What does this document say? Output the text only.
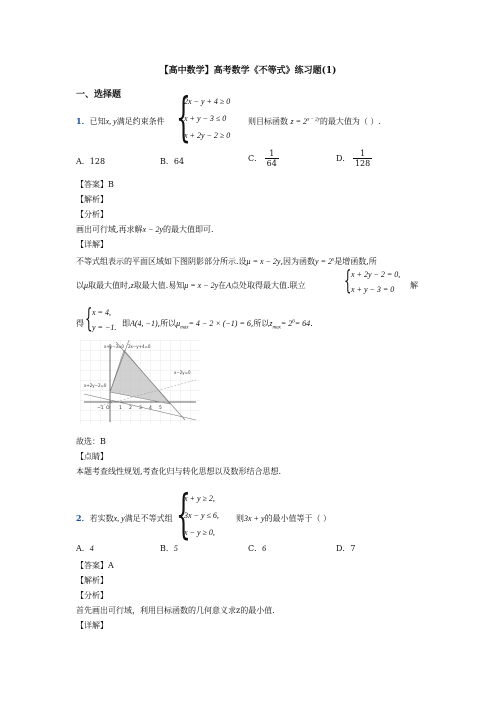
【高中数学】高考数学《不等式》练习题(1)
一、选择题
1．已知x, y满足约束条件 {
2x − y + 4 ≥ 0
x + y − 3 ≤ 0
x + 2y − 2 ≥ 0
则目标函数 $z = 2^{x - 2y}$的最大值为（ ）.
A．128	B．64	C． $\frac{1}{64}$	D． $\frac{1}{128}$
【答案】B
【解析】
【分析】
画出可行域,再求解x − 2y的最大值即可.
【详解】
不等式组表示的平面区域如下图阴影部分所示.设μ = x − 2y,因为函数$y = 2^x$是增函数,所
以μ取最大值时,z取最大值.易知μ = x − 2y在A点处取得最大值.联立 { x + 2y − 2 = 0,
x + y − 3 = 0 解
得 { x = 4,
y = −1. 即A(4, −1),所以$\mu_{max}= 4 - 2 \times (-1) = 6$,所以$z_{max}= 2^6= 64$.
x+y−3=0 2x−y+4=0
x+2y−2=0
x−2y=0
−1 O 1 2 3 4 5
故选：B
【点睛】
本题考查线性规划,考查化归与转化思想以及数形结合思想.
{
x + y ≥ 2,
3x − y ≤ 6,
x − y ≥ 0,
2．若实数x, y满足不等式组	则3x + y的最小值等于（ ）
A．4	B．5	C．6	D．7
【答案】A
【解析】
【分析】
首先画出可行域，利用目标函数的几何意义求z的最小值．
【详解】
